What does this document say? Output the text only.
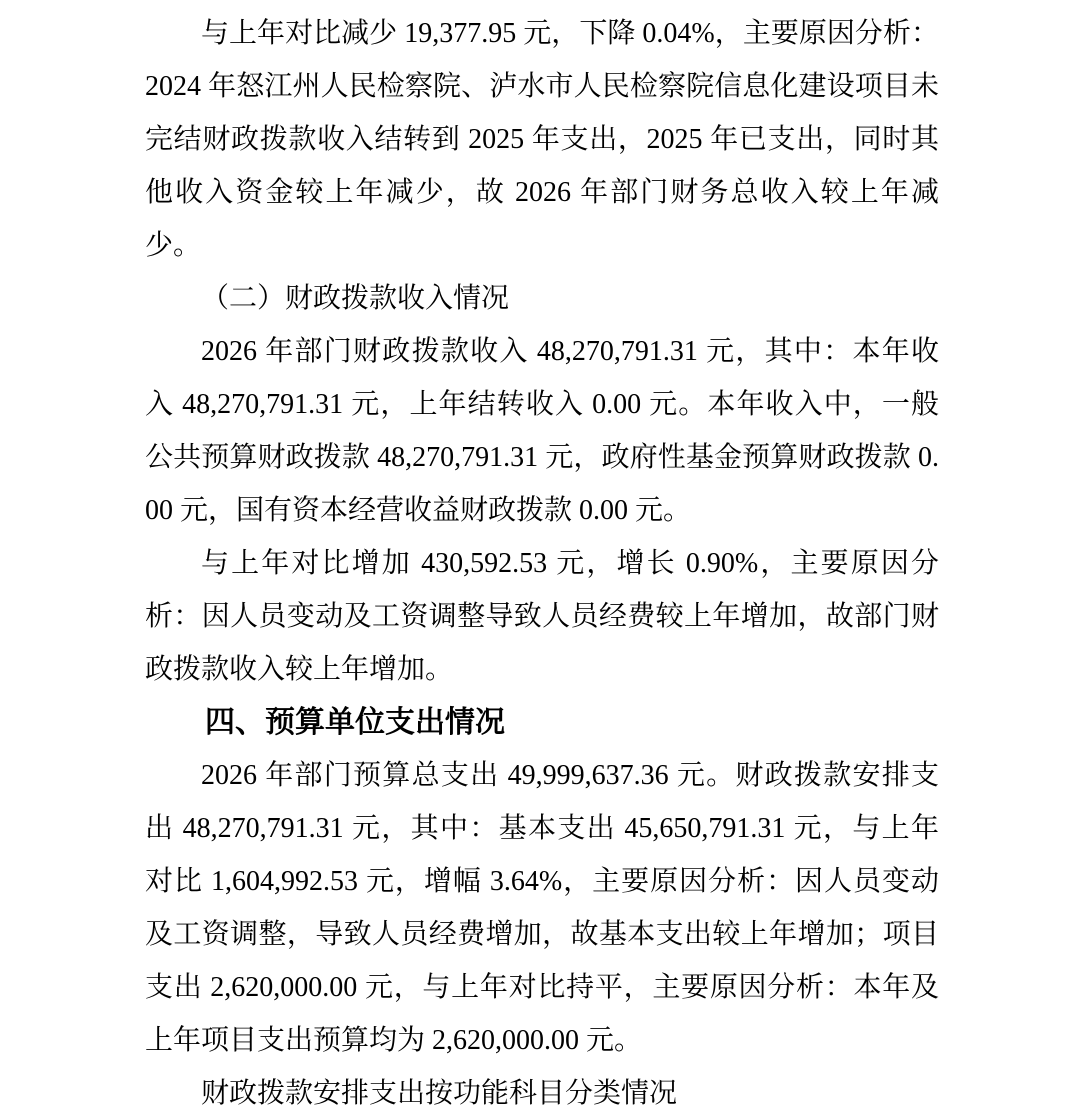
与上年对比减少 19,377.95 元，下降 0.04%，主要原因分析：2024 年怒江州人民检察院、泸水市人民检察院信息化建设项目未完结财政拨款收入结转到 2025 年支出，2025 年已支出，同时其他收入资金较上年减少，故 2026 年部门财务总收入较上年减少。

（二）财政拨款收入情况

2026 年部门财政拨款收入 48,270,791.31 元，其中：本年收入 48,270,791.31 元，上年结转收入 0.00 元。本年收入中，一般公共预算财政拨款 48,270,791.31 元，政府性基金预算财政拨款 0.00 元，国有资本经营收益财政拨款 0.00 元。

与上年对比增加 430,592.53 元，增长 0.90%，主要原因分析：因人员变动及工资调整导致人员经费较上年增加，故部门财政拨款收入较上年增加。

四、预算单位支出情况

2026 年部门预算总支出 49,999,637.36 元。财政拨款安排支出 48,270,791.31 元，其中：基本支出 45,650,791.31 元，与上年对比 1,604,992.53 元，增幅 3.64%，主要原因分析：因人员变动及工资调整，导致人员经费增加，故基本支出较上年增加；项目支出 2,620,000.00 元，与上年对比持平，主要原因分析：本年及上年项目支出预算均为 2,620,000.00 元。

财政拨款安排支出按功能科目分类情况
